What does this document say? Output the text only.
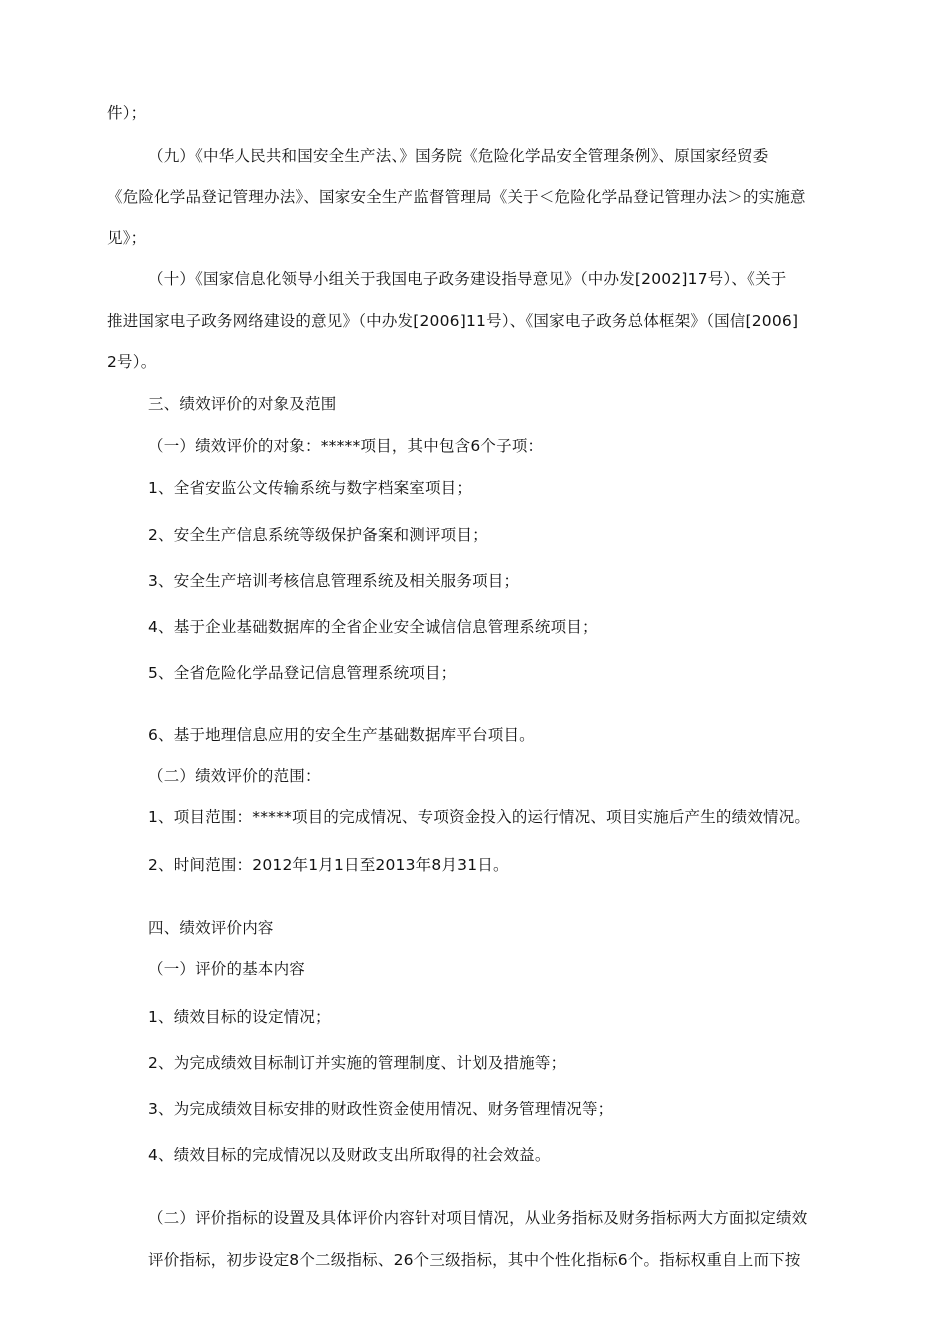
件）；
（九）《中华人民共和国安全生产法、》国务院《危险化学品安全管理条例》、原国家经贸委
《危险化学品登记管理办法》、国家安全生产监督管理局《关于＜危险化学品登记管理办法＞的实施意
见》；
（十）《国家信息化领导小组关于我国电子政务建设指导意见》（中办发[2002]17号）、《关于
推进国家电子政务网络建设的意见》（中办发[2006]11号）、《国家电子政务总体框架》（国信[2006]
2号）。
三、绩效评价的对象及范围
（一）绩效评价的对象：*****项目，其中包含6个子项：
1、全省安监公文传输系统与数字档案室项目；
2、安全生产信息系统等级保护备案和测评项目；
3、安全生产培训考核信息管理系统及相关服务项目；
4、基于企业基础数据库的全省企业安全诚信信息管理系统项目；
5、全省危险化学品登记信息管理系统项目；
6、基于地理信息应用的安全生产基础数据库平台项目。
（二）绩效评价的范围：
1、项目范围：*****项目的完成情况、专项资金投入的运行情况、项目实施后产生的绩效情况。
2、时间范围：2012年1月1日至2013年8月31日。
四、绩效评价内容
（一）评价的基本内容
1、绩效目标的设定情况；
2、为完成绩效目标制订并实施的管理制度、计划及措施等；
3、为完成绩效目标安排的财政性资金使用情况、财务管理情况等；
4、绩效目标的完成情况以及财政支出所取得的社会效益。
（二）评价指标的设置及具体评价内容针对项目情况，从业务指标及财务指标两大方面拟定绩效
评价指标，初步设定8个二级指标、26个三级指标，其中个性化指标6个。指标权重自上而下按
